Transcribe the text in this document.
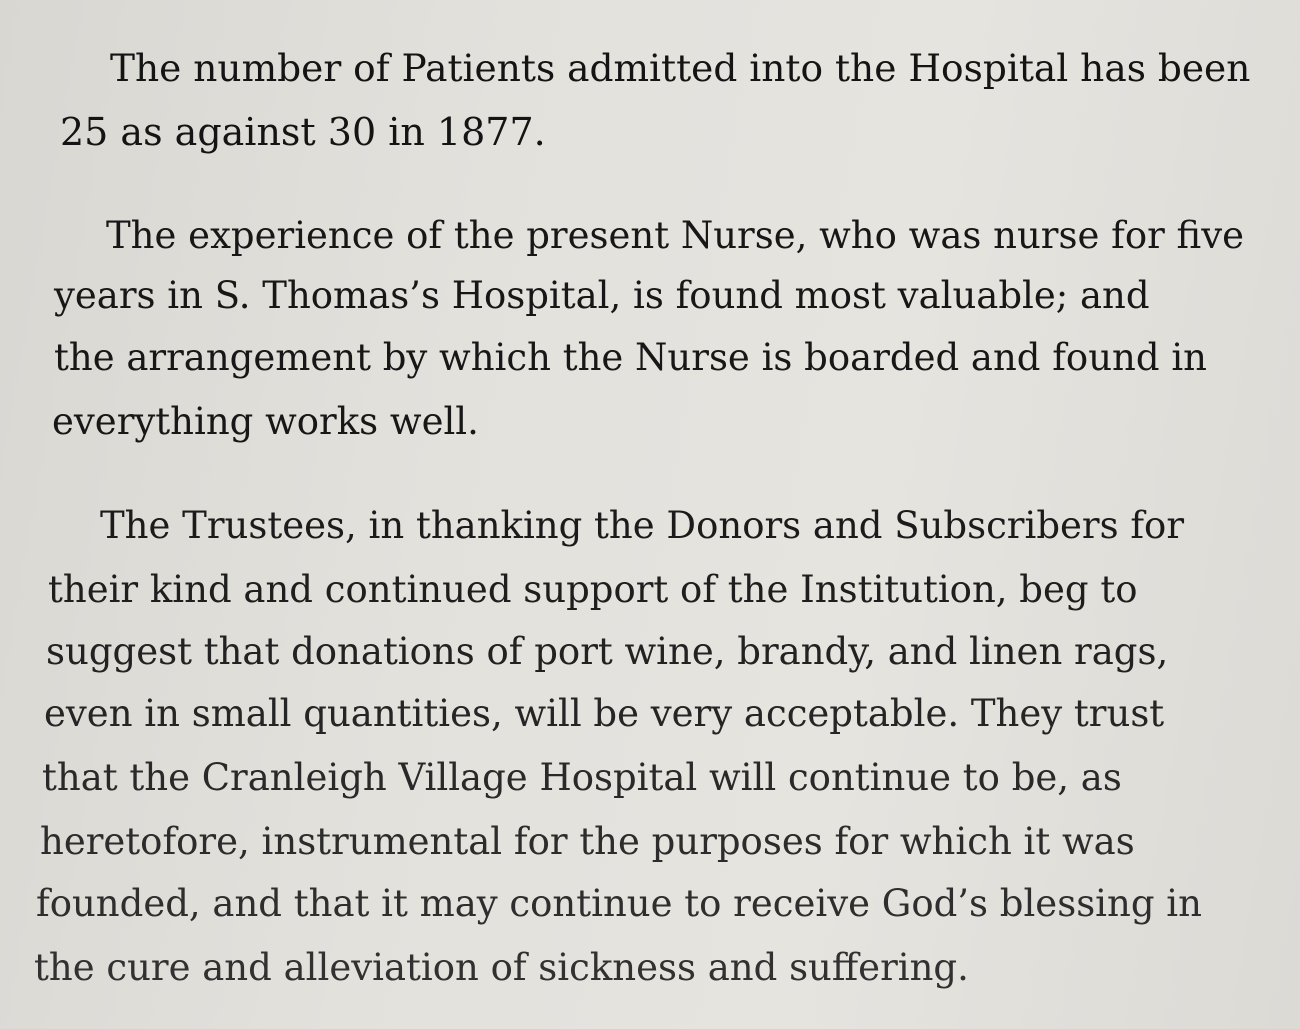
The number of Patients admitted into the Hospital has been
25 as against 30 in 1877.
The experience of the present Nurse, who was nurse for five
years in S. Thomas’s Hospital, is found most valuable; and
the arrangement by which the Nurse is boarded and found in
everything works well.
The Trustees, in thanking the Donors and Subscribers for
their kind and continued support of the Institution, beg to
suggest that donations of port wine, brandy, and linen rags,
even in small quantities, will be very acceptable. They trust
that the Cranleigh Village Hospital will continue to be, as
heretofore, instrumental for the purposes for which it was
founded, and that it may continue to receive God’s blessing in
the cure and alleviation of sickness and suffering.
